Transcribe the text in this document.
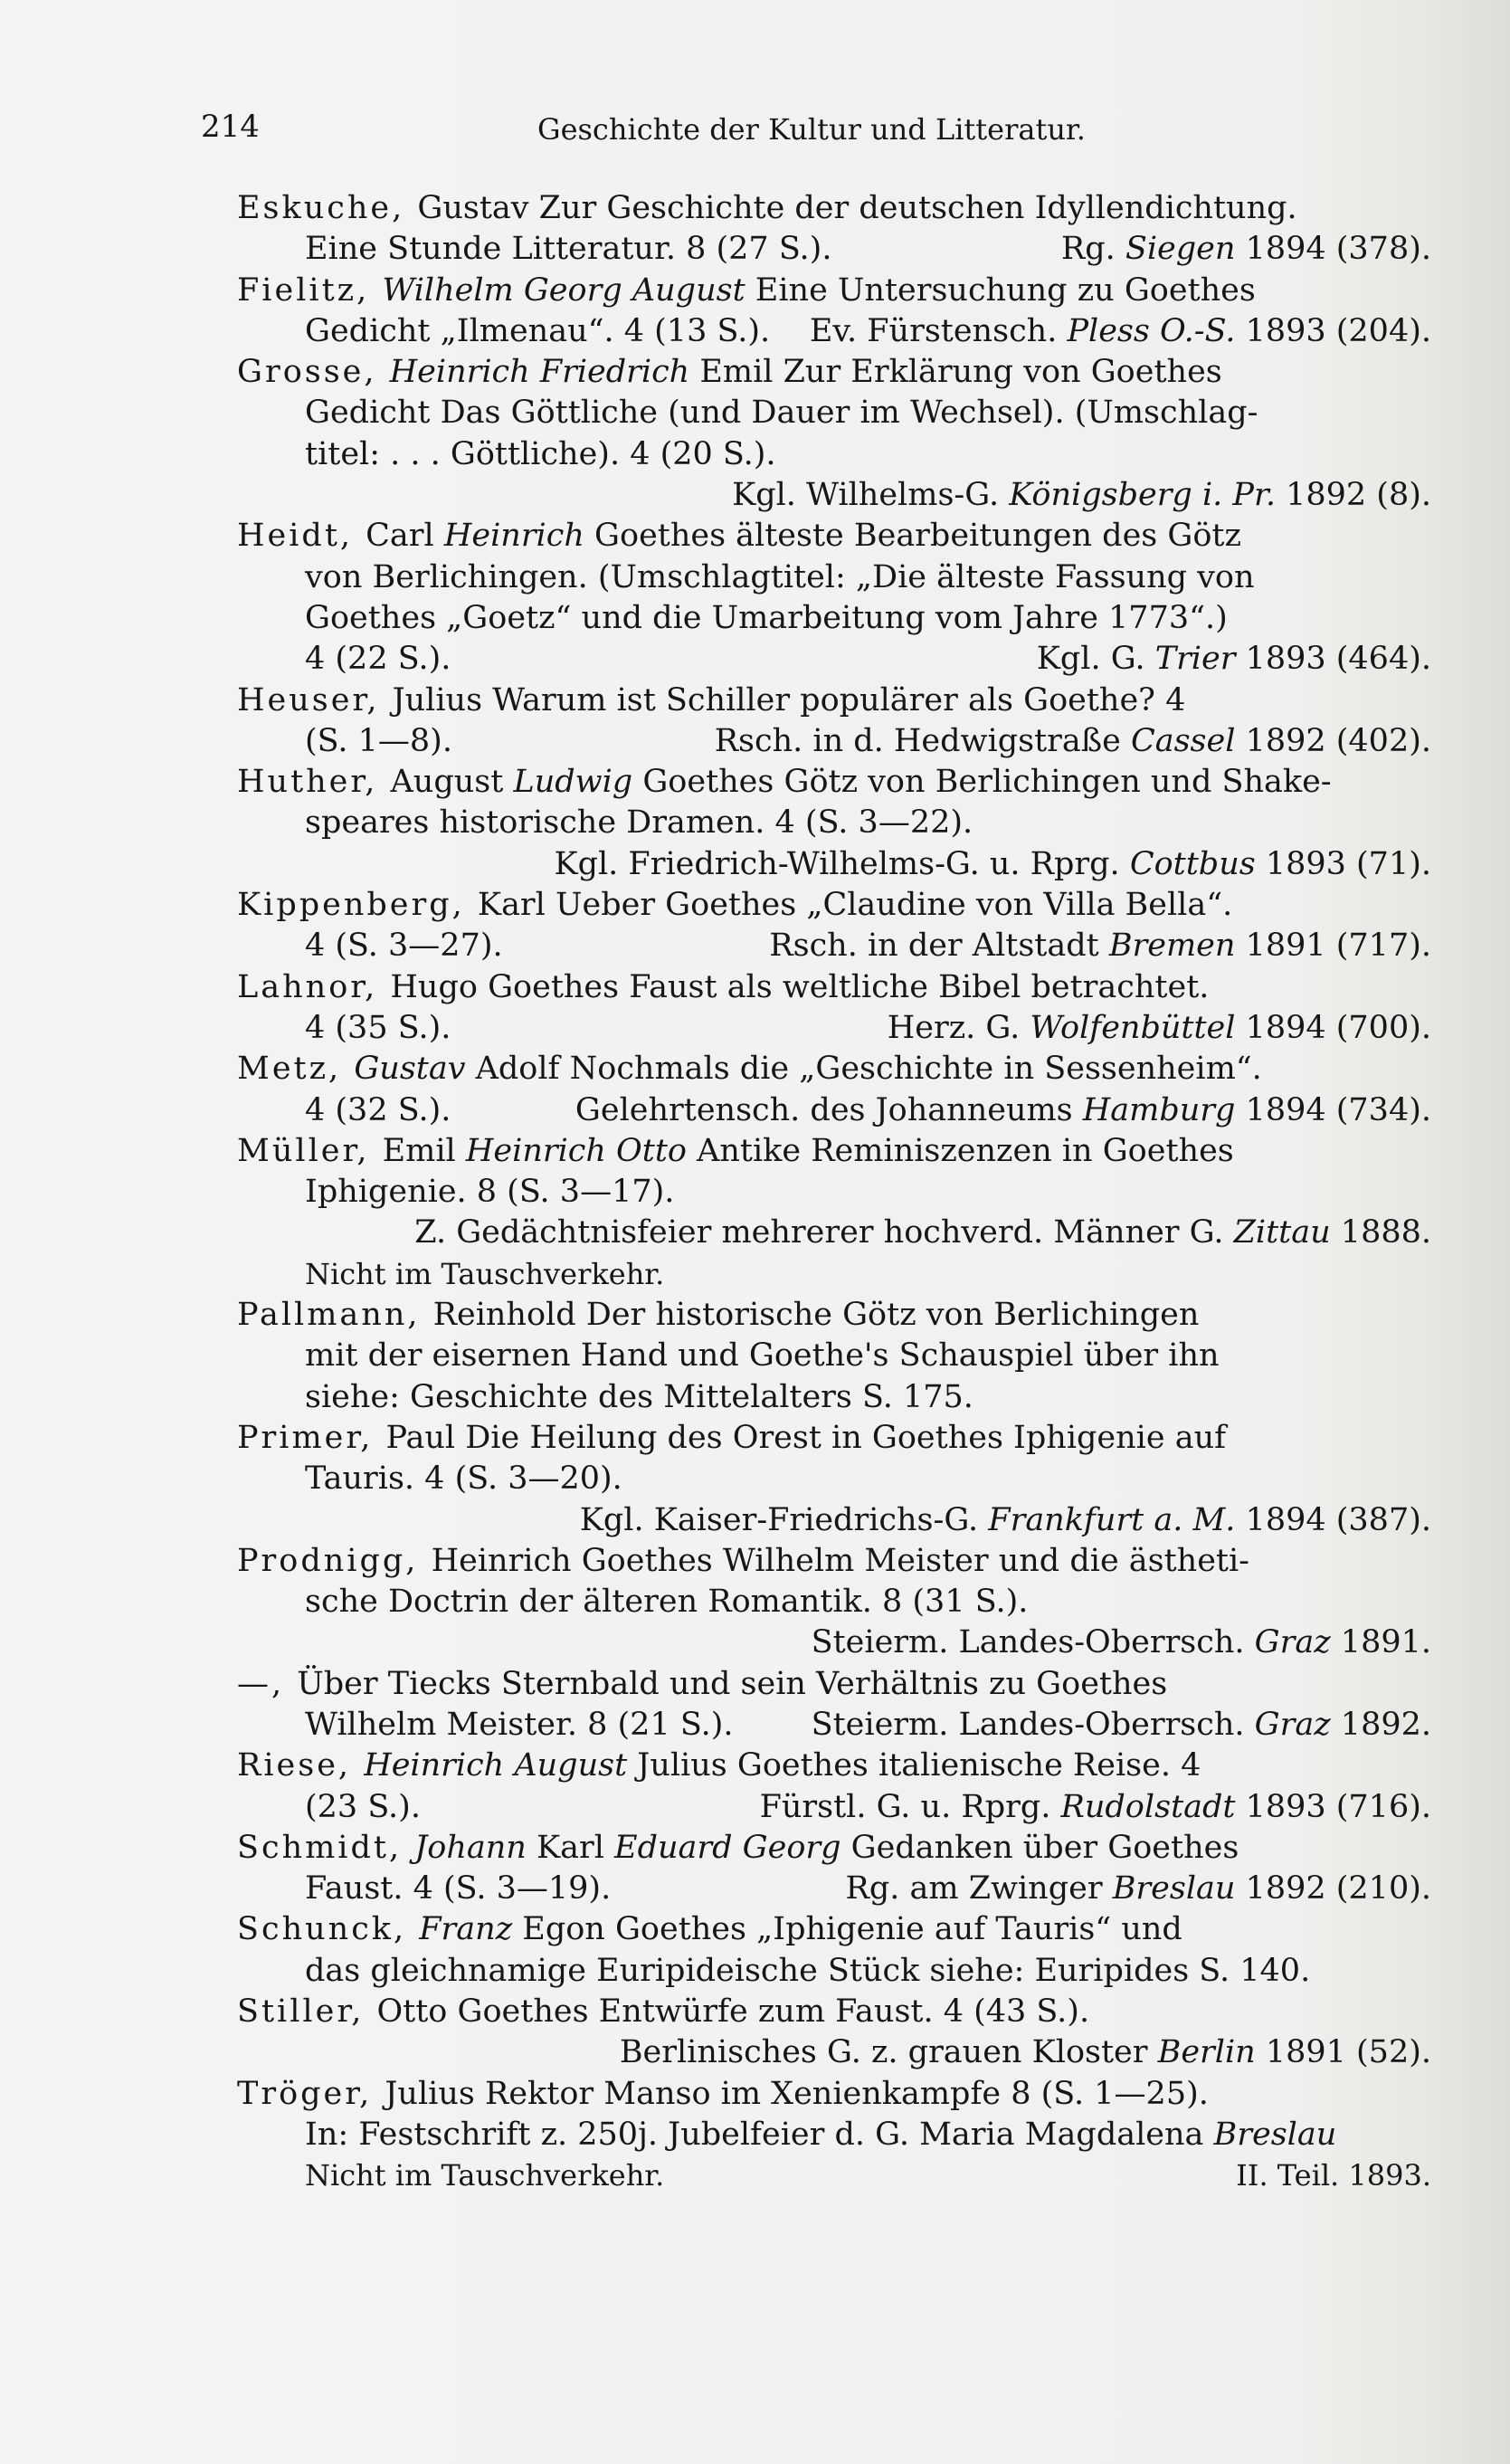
214	Geschichte der Kultur und Litteratur.
Eskuche, Gustav Zur Geschichte der deutschen Idyllendichtung.
Eine Stunde Litteratur. 8 (27 S.).	Rg. Siegen 1894 (378).
Fielitz, Wilhelm Georg August Eine Untersuchung zu Goethes
Gedicht „Ilmenau“. 4 (13 S.). Ev. Fürstensch. Pless O.-S. 1893 (204).
Grosse, Heinrich Friedrich Emil Zur Erklärung von Goethes
Gedicht Das Göttliche (und Dauer im Wechsel). (Umschlag-
titel: . . . Göttliche). 4 (20 S.).
Kgl. Wilhelms-G. Königsberg i. Pr. 1892 (8).
Heidt, Carl Heinrich Goethes älteste Bearbeitungen des Götz
von Berlichingen. (Umschlagtitel: „Die älteste Fassung von
Goethes „Goetz“ und die Umarbeitung vom Jahre 1773“.)
4 (22 S.).	Kgl. G. Trier 1893 (464).
Heuser, Julius Warum ist Schiller populärer als Goethe? 4
(S. 1—8).	Rsch. in d. Hedwigstraße Cassel 1892 (402).
Huther, August Ludwig Goethes Götz von Berlichingen und Shake-
speares historische Dramen. 4 (S. 3—22).
Kgl. Friedrich-Wilhelms-G. u. Rprg. Cottbus 1893 (71).
Kippenberg, Karl Ueber Goethes „Claudine von Villa Bella“.
4 (S. 3—27).	Rsch. in der Altstadt Bremen 1891 (717).
Lahnor, Hugo Goethes Faust als weltliche Bibel betrachtet.
4 (35 S.).	Herz. G. Wolfenbüttel 1894 (700).
Metz, Gustav Adolf Nochmals die „Geschichte in Sessenheim“.
4 (32 S.).	Gelehrtensch. des Johanneums Hamburg 1894 (734).
Müller, Emil Heinrich Otto Antike Reminiszenzen in Goethes
Iphigenie. 8 (S. 3—17).
Z. Gedächtnisfeier mehrerer hochverd. Männer G. Zittau 1888.
Nicht im Tauschverkehr.
Pallmann, Reinhold Der historische Götz von Berlichingen
mit der eisernen Hand und Goethe's Schauspiel über ihn
siehe: Geschichte des Mittelalters S. 175.
Primer, Paul Die Heilung des Orest in Goethes Iphigenie auf
Tauris. 4 (S. 3—20).
Kgl. Kaiser-Friedrichs-G. Frankfurt a. M. 1894 (387).
Prodnigg, Heinrich Goethes Wilhelm Meister und die ästheti-
sche Doctrin der älteren Romantik. 8 (31 S.).
Steierm. Landes-Oberrsch. Graz 1891.
—, Über Tiecks Sternbald und sein Verhältnis zu Goethes
Wilhelm Meister. 8 (21 S.). Steierm. Landes-Oberrsch. Graz 1892.
Riese, Heinrich August Julius Goethes italienische Reise. 4
(23 S.).	Fürstl. G. u. Rprg. Rudolstadt 1893 (716).
Schmidt, Johann Karl Eduard Georg Gedanken über Goethes
Faust. 4 (S. 3—19).	Rg. am Zwinger Breslau 1892 (210).
Schunck, Franz Egon Goethes „Iphigenie auf Tauris“ und
das gleichnamige Euripideische Stück siehe: Euripides S. 140.
Stiller, Otto Goethes Entwürfe zum Faust. 4 (43 S.).
Berlinisches G. z. grauen Kloster Berlin 1891 (52).
Tröger, Julius Rektor Manso im Xenienkampfe 8 (S. 1—25).
In: Festschrift z. 250j. Jubelfeier d. G. Maria Magdalena Breslau
Nicht im Tauschverkehr.	II. Teil. 1893.
